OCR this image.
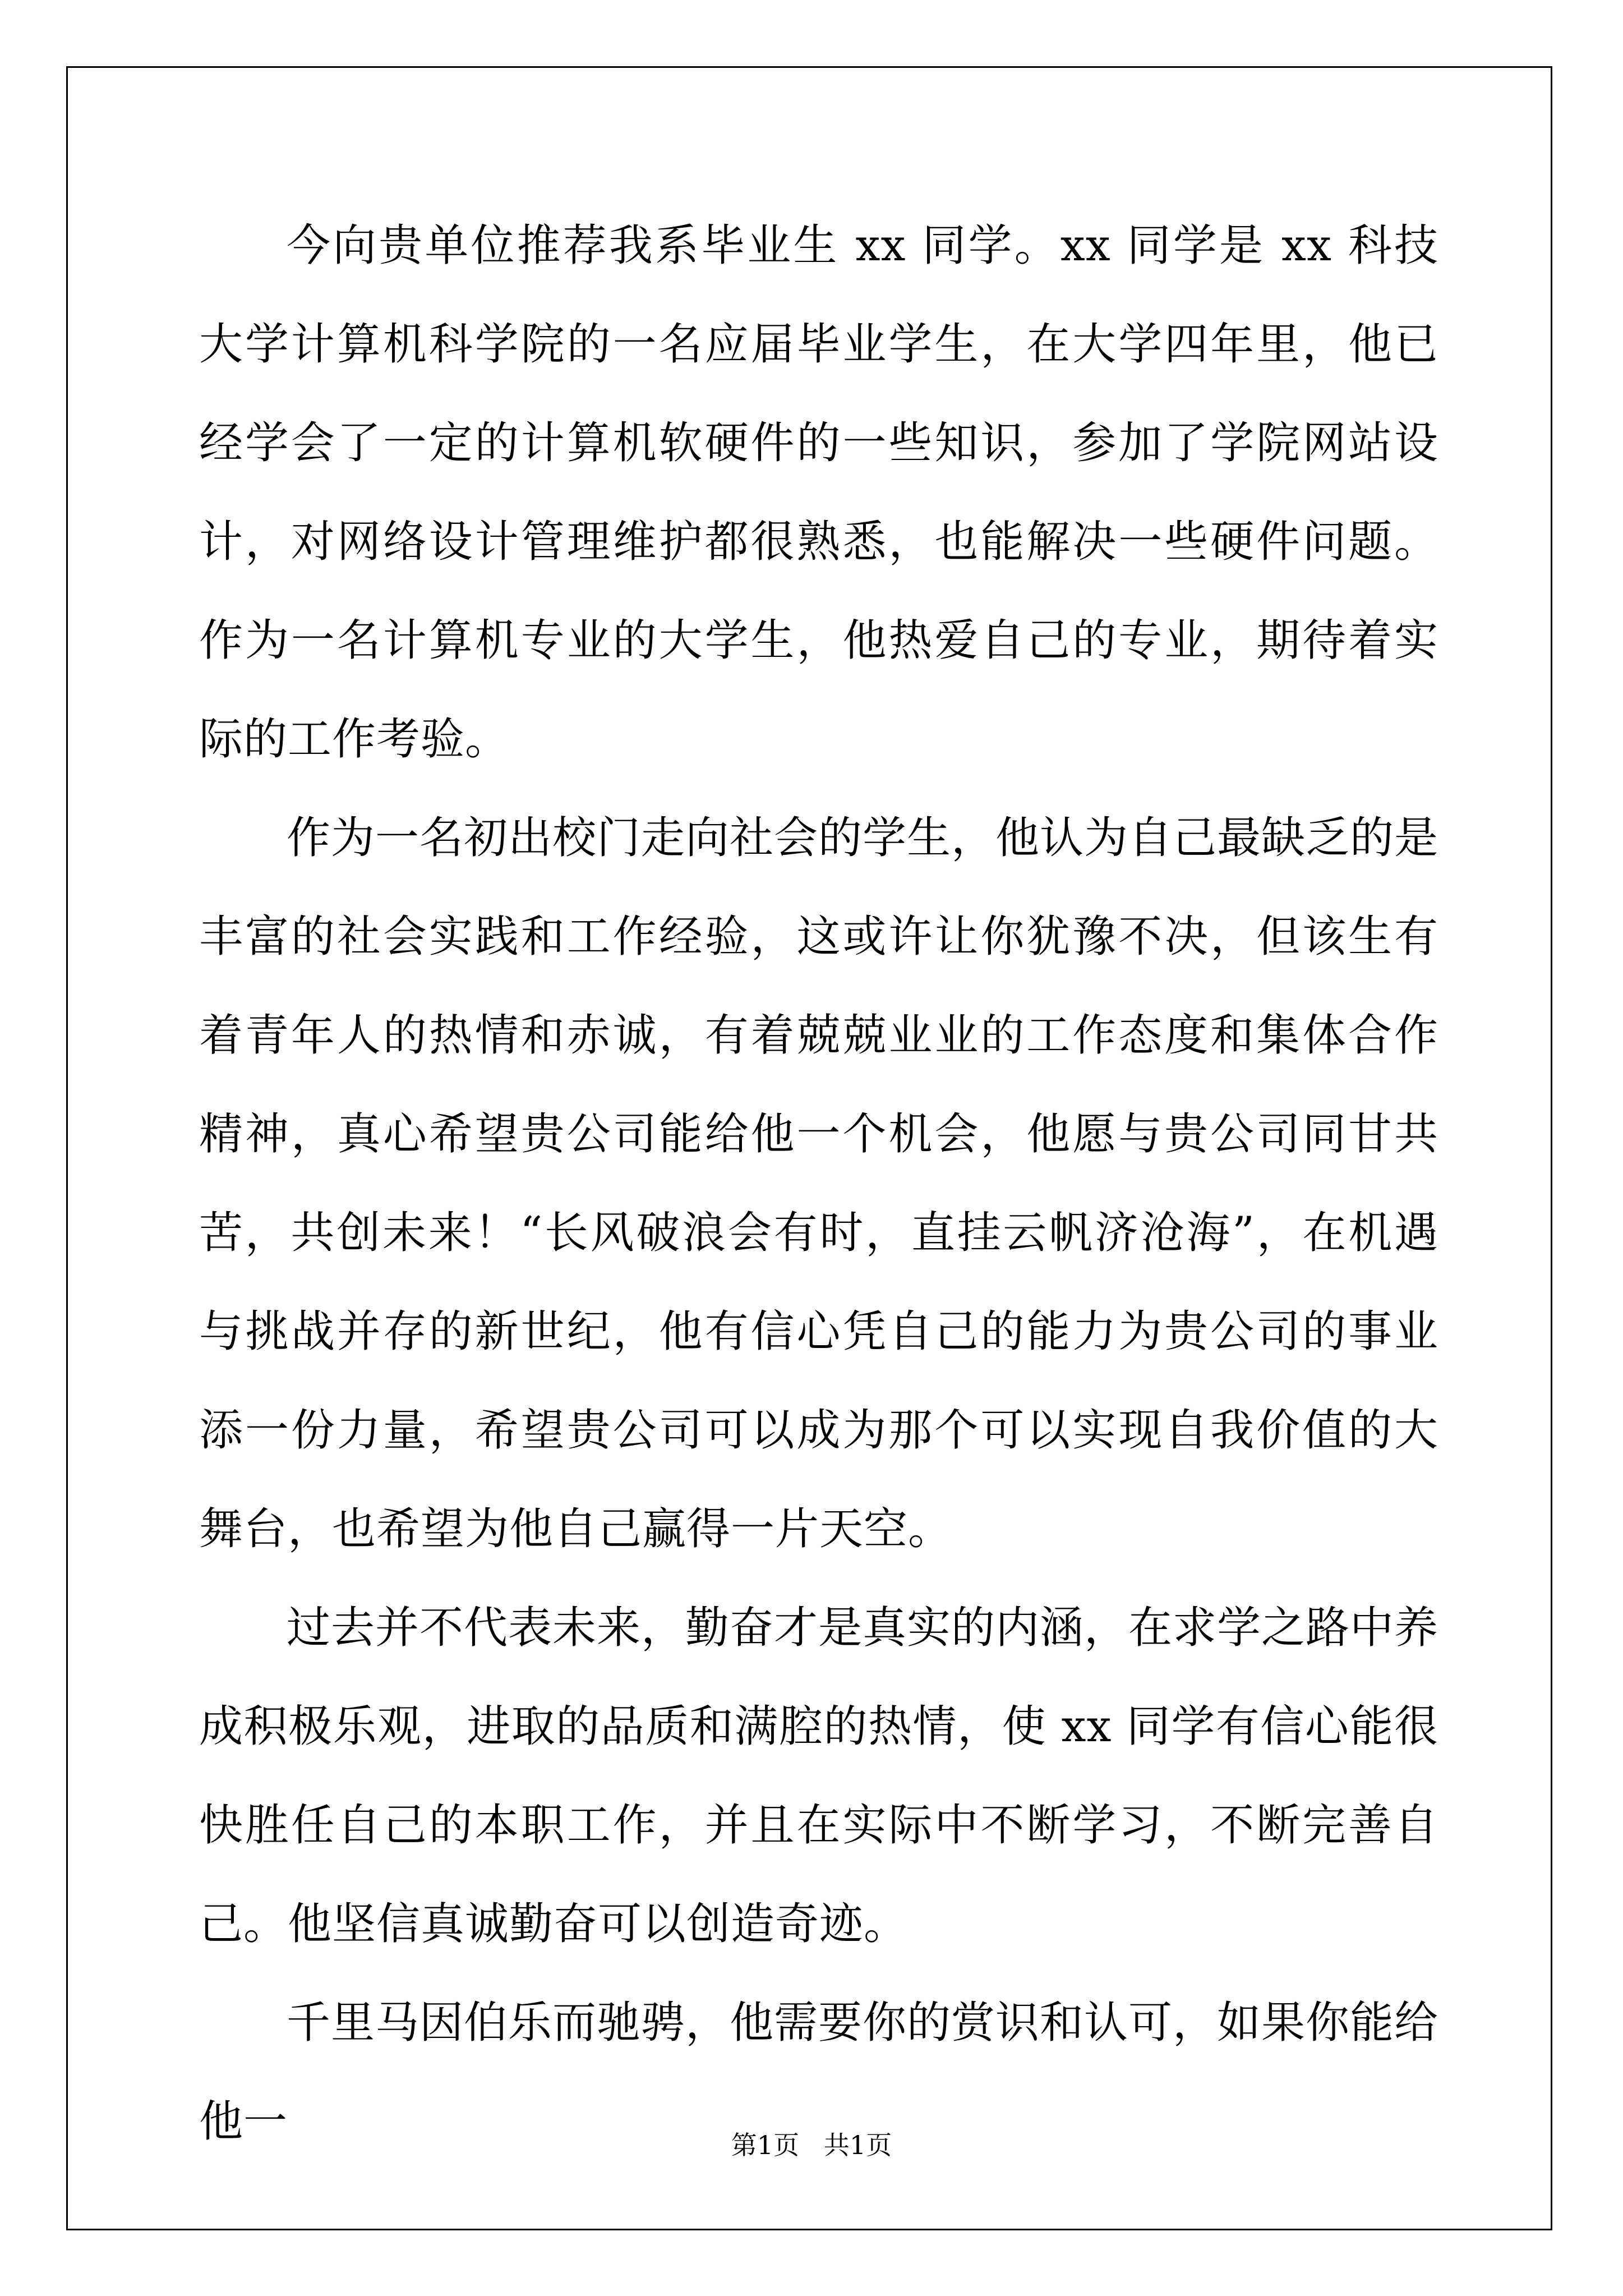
今向贵单位推荐我系毕业生 xx 同学。xx 同学是 xx 科技大学计算机科学院的一名应届毕业学生，在大学四年里，他已经学会了一定的计算机软硬件的一些知识，参加了学院网站设计，对网络设计管理维护都很熟悉，也能解决一些硬件问题。作为一名计算机专业的大学生，他热爱自己的专业，期待着实际的工作考验。

作为一名初出校门走向社会的学生，他认为自己最缺乏的是丰富的社会实践和工作经验，这或许让你犹豫不决，但该生有着青年人的热情和赤诚，有着兢兢业业的工作态度和集体合作精神，真心希望贵公司能给他一个机会，他愿与贵公司同甘共苦，共创未来！“长风破浪会有时，直挂云帆济沧海”，在机遇与挑战并存的新世纪，他有信心凭自己的能力为贵公司的事业添一份力量，希望贵公司可以成为那个可以实现自我价值的大舞台，也希望为他自己赢得一片天空。

过去并不代表未来，勤奋才是真实的内涵，在求学之路中养成积极乐观，进取的品质和满腔的热情，使 xx 同学有信心能很快胜任自己的本职工作，并且在实际中不断学习，不断完善自己。他坚信真诚勤奋可以创造奇迹。

千里马因伯乐而驰骋，他需要你的赏识和认可，如果你能给他一	第1页   共1页
